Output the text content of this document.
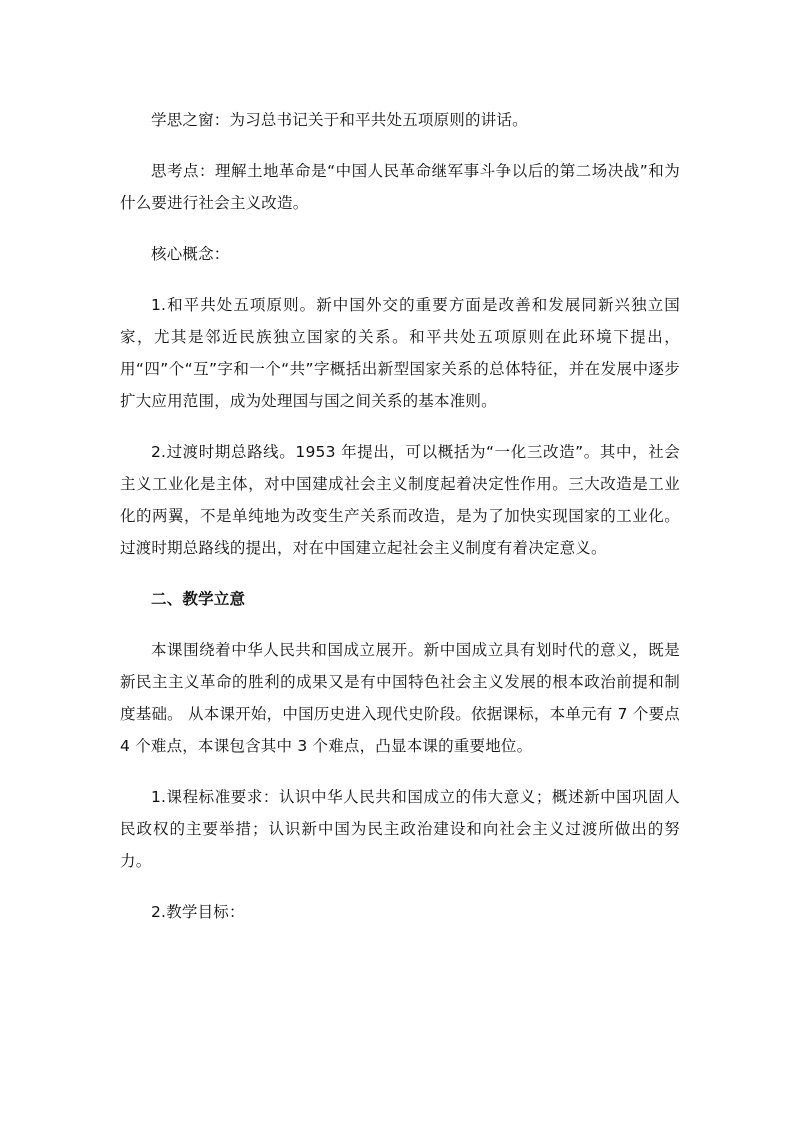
学思之窗：为习总书记关于和平共处五项原则的讲话。

思考点：理解土地革命是“中国人民革命继军事斗争以后的第二场决战”和为什么要进行社会主义改造。

核心概念：

1.和平共处五项原则。新中国外交的重要方面是改善和发展同新兴独立国家，尤其是邻近民族独立国家的关系。和平共处五项原则在此环境下提出，用“四”个“互”字和一个“共”字概括出新型国家关系的总体特征，并在发展中逐步扩大应用范围，成为处理国与国之间关系的基本准则。

2.过渡时期总路线。1953 年提出，可以概括为“一化三改造”。其中，社会主义工业化是主体，对中国建成社会主义制度起着决定性作用。三大改造是工业化的两翼，不是单纯地为改变生产关系而改造，是为了加快实现国家的工业化。过渡时期总路线的提出，对在中国建立起社会主义制度有着决定意义。

二、教学立意

本课围绕着中华人民共和国成立展开。新中国成立具有划时代的意义，既是新民主主义革命的胜利的成果又是有中国特色社会主义发展的根本政治前提和制度基础。 从本课开始，中国历史进入现代史阶段。依据课标，本单元有 7 个要点 4 个难点，本课包含其中 3 个难点，凸显本课的重要地位。

1.课程标准要求：认识中华人民共和国成立的伟大意义；概述新中国巩固人民政权的主要举措；认识新中国为民主政治建设和向社会主义过渡所做出的努力。

2.教学目标：
